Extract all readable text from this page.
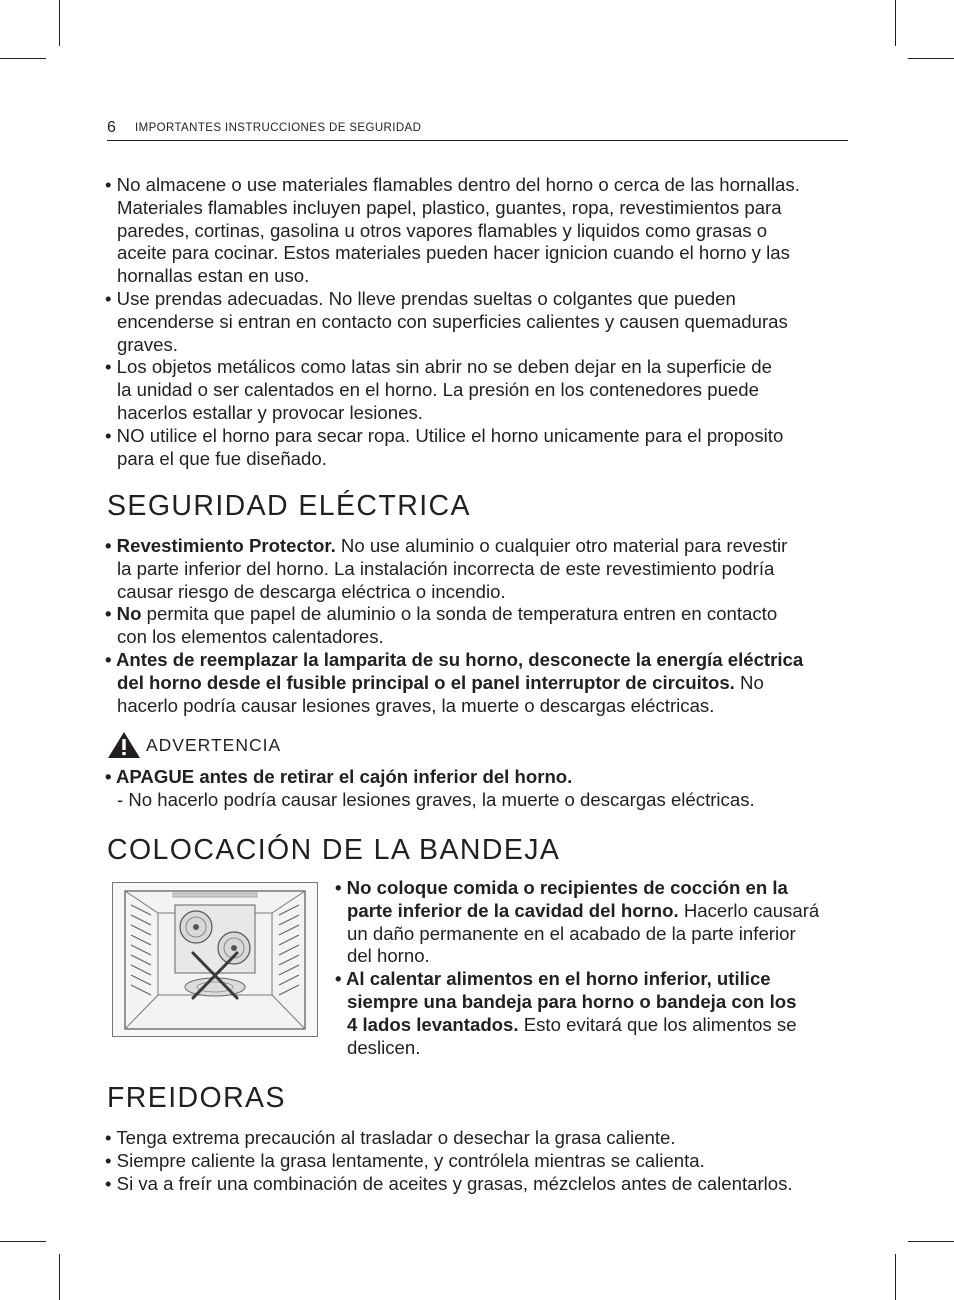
6 IMPORTANTES INSTRUCCIONES DE SEGURIDAD

• No almacene o use materiales flamables dentro del horno o cerca de las hornallas.

Materiales flamables incluyen papel, plastico, guantes, ropa, revestimientos para

paredes, cortinas, gasolina u otros vapores flamables y liquidos como grasas o

aceite para cocinar. Estos materiales pueden hacer ignicion cuando el horno y las

hornallas estan en uso.

• Use prendas adecuadas. No lleve prendas sueltas o colgantes que pueden

encenderse si entran en contacto con superficies calientes y causen quemaduras

graves.

• Los objetos metálicos como latas sin abrir no se deben dejar en la superficie de

la unidad o ser calentados en el horno. La presión en los contenedores puede

hacerlos estallar y provocar lesiones.

• NO utilice el horno para secar ropa. Utilice el horno unicamente para el proposito

para el que fue diseñado.

SEGURIDAD ELÉCTRICA

• Revestimiento Protector. No use aluminio o cualquier otro material para revestir

la parte inferior del horno. La instalación incorrecta de este revestimiento podría

causar riesgo de descarga eléctrica o incendio.

• No permita que papel de aluminio o la sonda de temperatura entren en contacto

con los elementos calentadores.

• Antes de reemplazar la lamparita de su horno, desconecte la energía eléctrica

del horno desde el fusible principal o el panel interruptor de circuitos. No

hacerlo podría causar lesiones graves, la muerte o descargas eléctricas.

ADVERTENCIA

• APAGUE antes de retirar el cajón inferior del horno.

- No hacerlo podría causar lesiones graves, la muerte o descargas eléctricas.

COLOCACIÓN DE LA BANDEJA

• No coloque comida o recipientes de cocción en la

parte inferior de la cavidad del horno. Hacerlo causará

un daño permanente en el acabado de la parte inferior

del horno.

• Al calentar alimentos en el horno inferior, utilice

siempre una bandeja para horno o bandeja con los

4 lados levantados. Esto evitará que los alimentos se

deslicen.

FREIDORAS

• Tenga extrema precaución al trasladar o desechar la grasa caliente.

• Siempre caliente la grasa lentamente, y contrólela mientras se calienta.

• Si va a freír una combinación de aceites y grasas, mézclelos antes de calentarlos.
